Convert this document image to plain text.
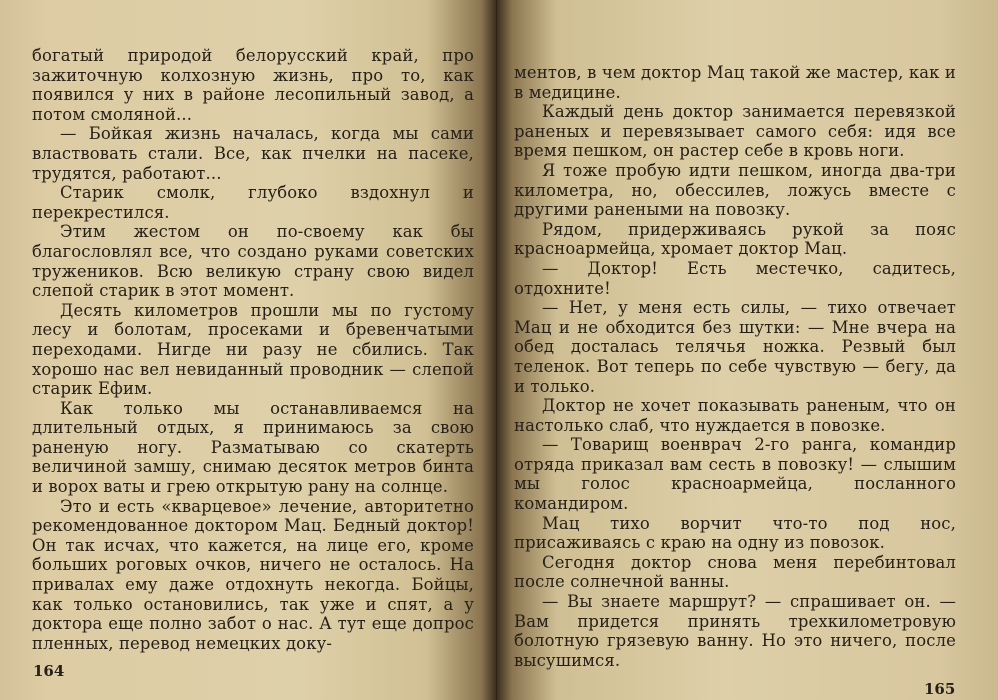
богатый природой белорусский край, про зажиточную колхозную жизнь, про то, как появился у них в районе лесопильный завод, а потом смоляной...

— Бойкая жизнь началась, когда мы сами властвовать стали. Все, как пчелки на пасеке, трудятся, работают...

Старик смолк, глубоко вздохнул и перекрестился.

Этим жестом он по-своему как бы благословлял все, что создано руками советских тружеников. Всю великую страну свою видел слепой старик в этот момент.

Десять километров прошли мы по густому лесу и болотам, просеками и бревенчатыми переходами. Нигде ни разу не сбились. Так хорошо нас вел невиданный проводник — слепой старик Ефим.

Как только мы останавливаемся на длительный отдых, я принимаюсь за свою раненую ногу. Разматываю со скатерть величиной замшу, снимаю десяток метров бинта и ворох ваты и грею открытую рану на солнце.

Это и есть «кварцевое» лечение, авторитетно рекомендованное доктором Мац. Бедный доктор! Он так исчах, что кажется, на лице его, кроме больших роговых очков, ничего не осталось. На привалах ему даже отдохнуть некогда. Бойцы, как только остановились, так уже и спят, а у доктора еще полно забот о нас. А тут еще допрос пленных, перевод немецких доку-

164

ментов, в чем доктор Мац такой же мастер, как и в медицине.

Каждый день доктор занимается перевязкой раненых и перевязывает самого себя: идя все время пешком, он растер себе в кровь ноги.

Я тоже пробую идти пешком, иногда два-три километра, но, обессилев, ложусь вместе с другими ранеными на повозку.

Рядом, придерживаясь рукой за пояс красноармейца, хромает доктор Мац.

— Доктор! Есть местечко, садитесь, отдохните!

— Нет, у меня есть силы, — тихо отвечает Мац и не обходится без шутки: — Мне вчера на обед досталась телячья ножка. Резвый был теленок. Вот теперь по себе чувствую — бегу, да и только.

Доктор не хочет показывать раненым, что он настолько слаб, что нуждается в повозке.

— Товарищ военврач 2-го ранга, командир отряда приказал вам сесть в повозку! — слышим мы голос красноармейца, посланного командиром.

Мац тихо ворчит что-то под нос, присаживаясь с краю на одну из повозок.

Сегодня доктор снова меня перебинтовал после солнечной ванны.

— Вы знаете маршрут? — спрашивает он. — Вам придется принять трехкилометровую болотную грязевую ванну. Но это ничего, после высушимся.

165
